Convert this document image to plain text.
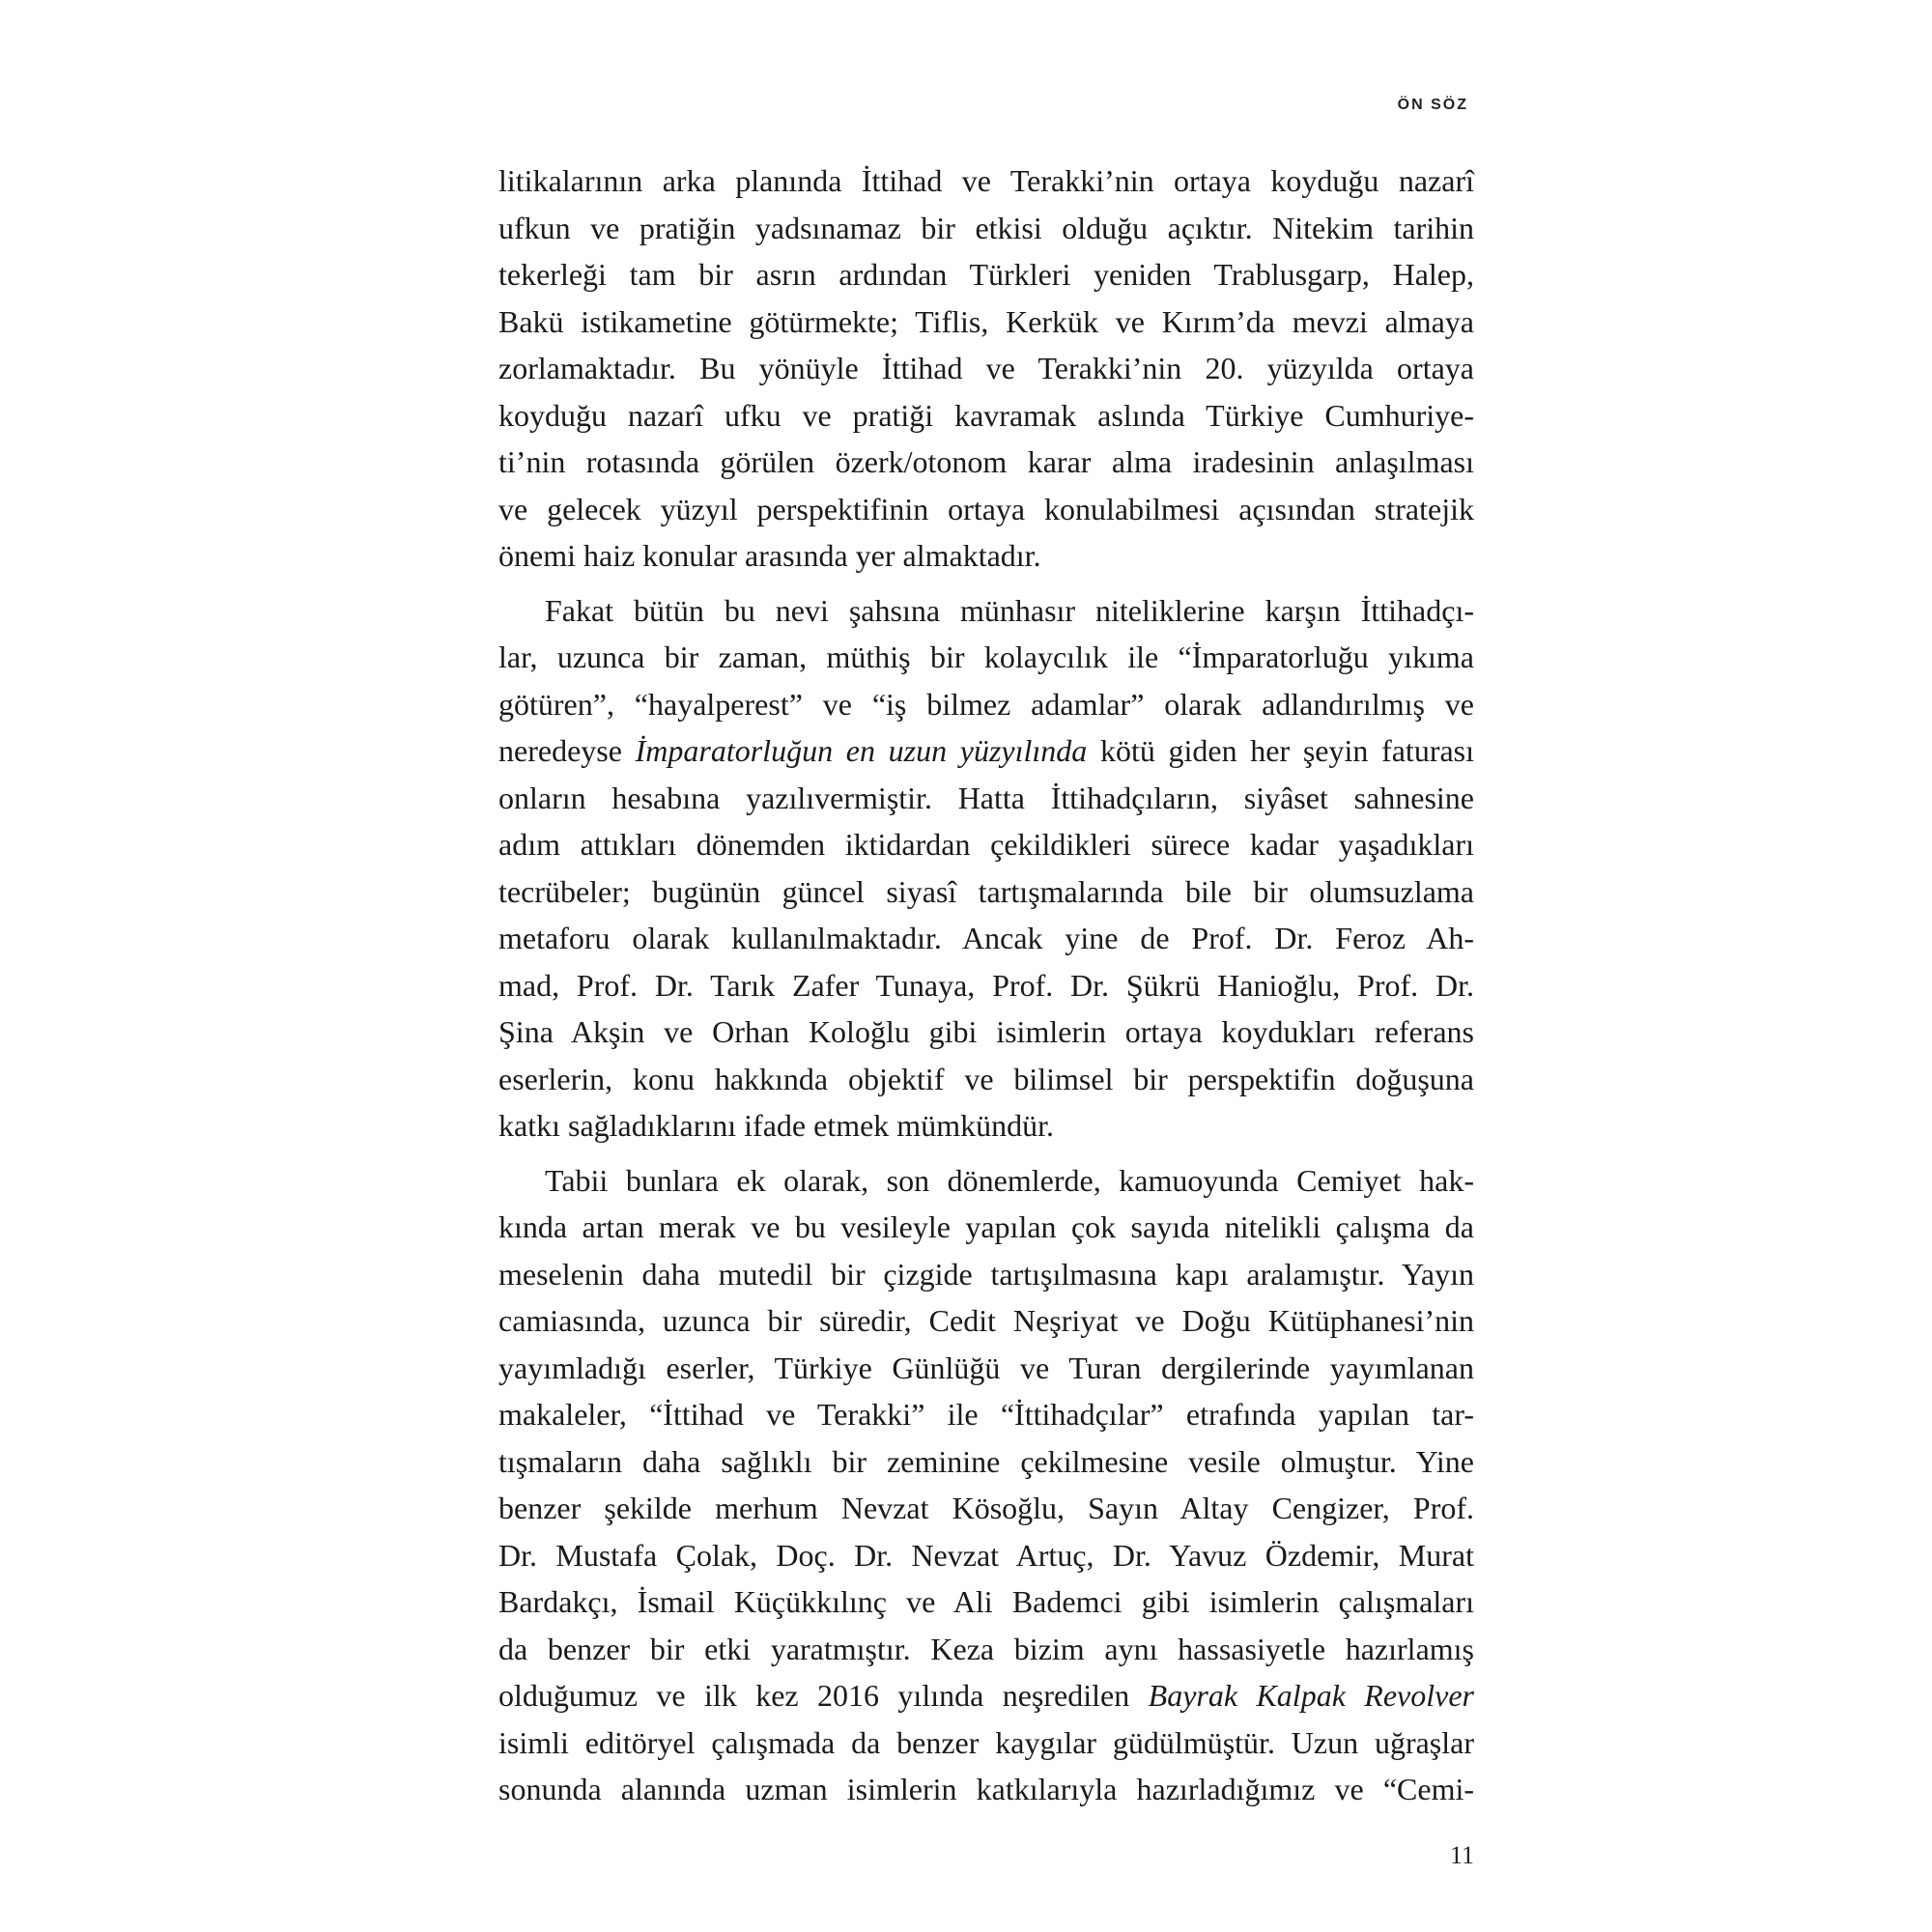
ÖN SÖZ

litikalarının arka planında İttihad ve Terakki’nin ortaya koyduğu nazarî

ufkun ve pratiğin yadsınamaz bir etkisi olduğu açıktır. Nitekim tarihin

tekerleği tam bir asrın ardından Türkleri yeniden Trablusgarp, Halep,

Bakü istikametine götürmekte; Tiflis, Kerkük ve Kırım’da mevzi almaya

zorlamaktadır. Bu yönüyle İttihad ve Terakki’nin 20. yüzyılda ortaya

koyduğu nazarî ufku ve pratiği kavramak aslında Türkiye Cumhuriye-

ti’nin rotasında görülen özerk/otonom karar alma iradesinin anlaşılması

ve gelecek yüzyıl perspektifinin ortaya konulabilmesi açısından stratejik

önemi haiz konular arasında yer almaktadır.

Fakat bütün bu nevi şahsına münhasır niteliklerine karşın İttihadçı-

lar, uzunca bir zaman, müthiş bir kolaycılık ile “İmparatorluğu yıkıma

götüren”, “hayalperest” ve “iş bilmez adamlar” olarak adlandırılmış ve

neredeyse İmparatorluğun en uzun yüzyılında kötü giden her şeyin faturası

onların hesabına yazılıvermiştir. Hatta İttihadçıların, siyâset sahnesine

adım attıkları dönemden iktidardan çekildikleri sürece kadar yaşadıkları

tecrübeler; bugünün güncel siyasî tartışmalarında bile bir olumsuzlama

metaforu olarak kullanılmaktadır. Ancak yine de Prof. Dr. Feroz Ah-

mad, Prof. Dr. Tarık Zafer Tunaya, Prof. Dr. Şükrü Hanioğlu, Prof. Dr.

Şina Akşin ve Orhan Koloğlu gibi isimlerin ortaya koydukları referans

eserlerin, konu hakkında objektif ve bilimsel bir perspektifin doğuşuna

katkı sağladıklarını ifade etmek mümkündür.

Tabii bunlara ek olarak, son dönemlerde, kamuoyunda Cemiyet hak-

kında artan merak ve bu vesileyle yapılan çok sayıda nitelikli çalışma da

meselenin daha mutedil bir çizgide tartışılmasına kapı aralamıştır. Yayın

camiasında, uzunca bir süredir, Cedit Neşriyat ve Doğu Kütüphanesi’nin

yayımladığı eserler, Türkiye Günlüğü ve Turan dergilerinde yayımlanan

makaleler, “İttihad ve Terakki” ile “İttihadçılar” etrafında yapılan tar-

tışmaların daha sağlıklı bir zeminine çekilmesine vesile olmuştur. Yine

benzer şekilde merhum Nevzat Kösoğlu, Sayın Altay Cengizer, Prof.

Dr. Mustafa Çolak, Doç. Dr. Nevzat Artuç, Dr. Yavuz Özdemir, Murat

Bardakçı, İsmail Küçükkılınç ve Ali Bademci gibi isimlerin çalışmaları

da benzer bir etki yaratmıştır. Keza bizim aynı hassasiyetle hazırlamış

olduğumuz ve ilk kez 2016 yılında neşredilen Bayrak Kalpak Revolver

isimli editöryel çalışmada da benzer kaygılar güdülmüştür. Uzun uğraşlar

sonunda alanında uzman isimlerin katkılarıyla hazırladığımız ve “Cemi-

11
